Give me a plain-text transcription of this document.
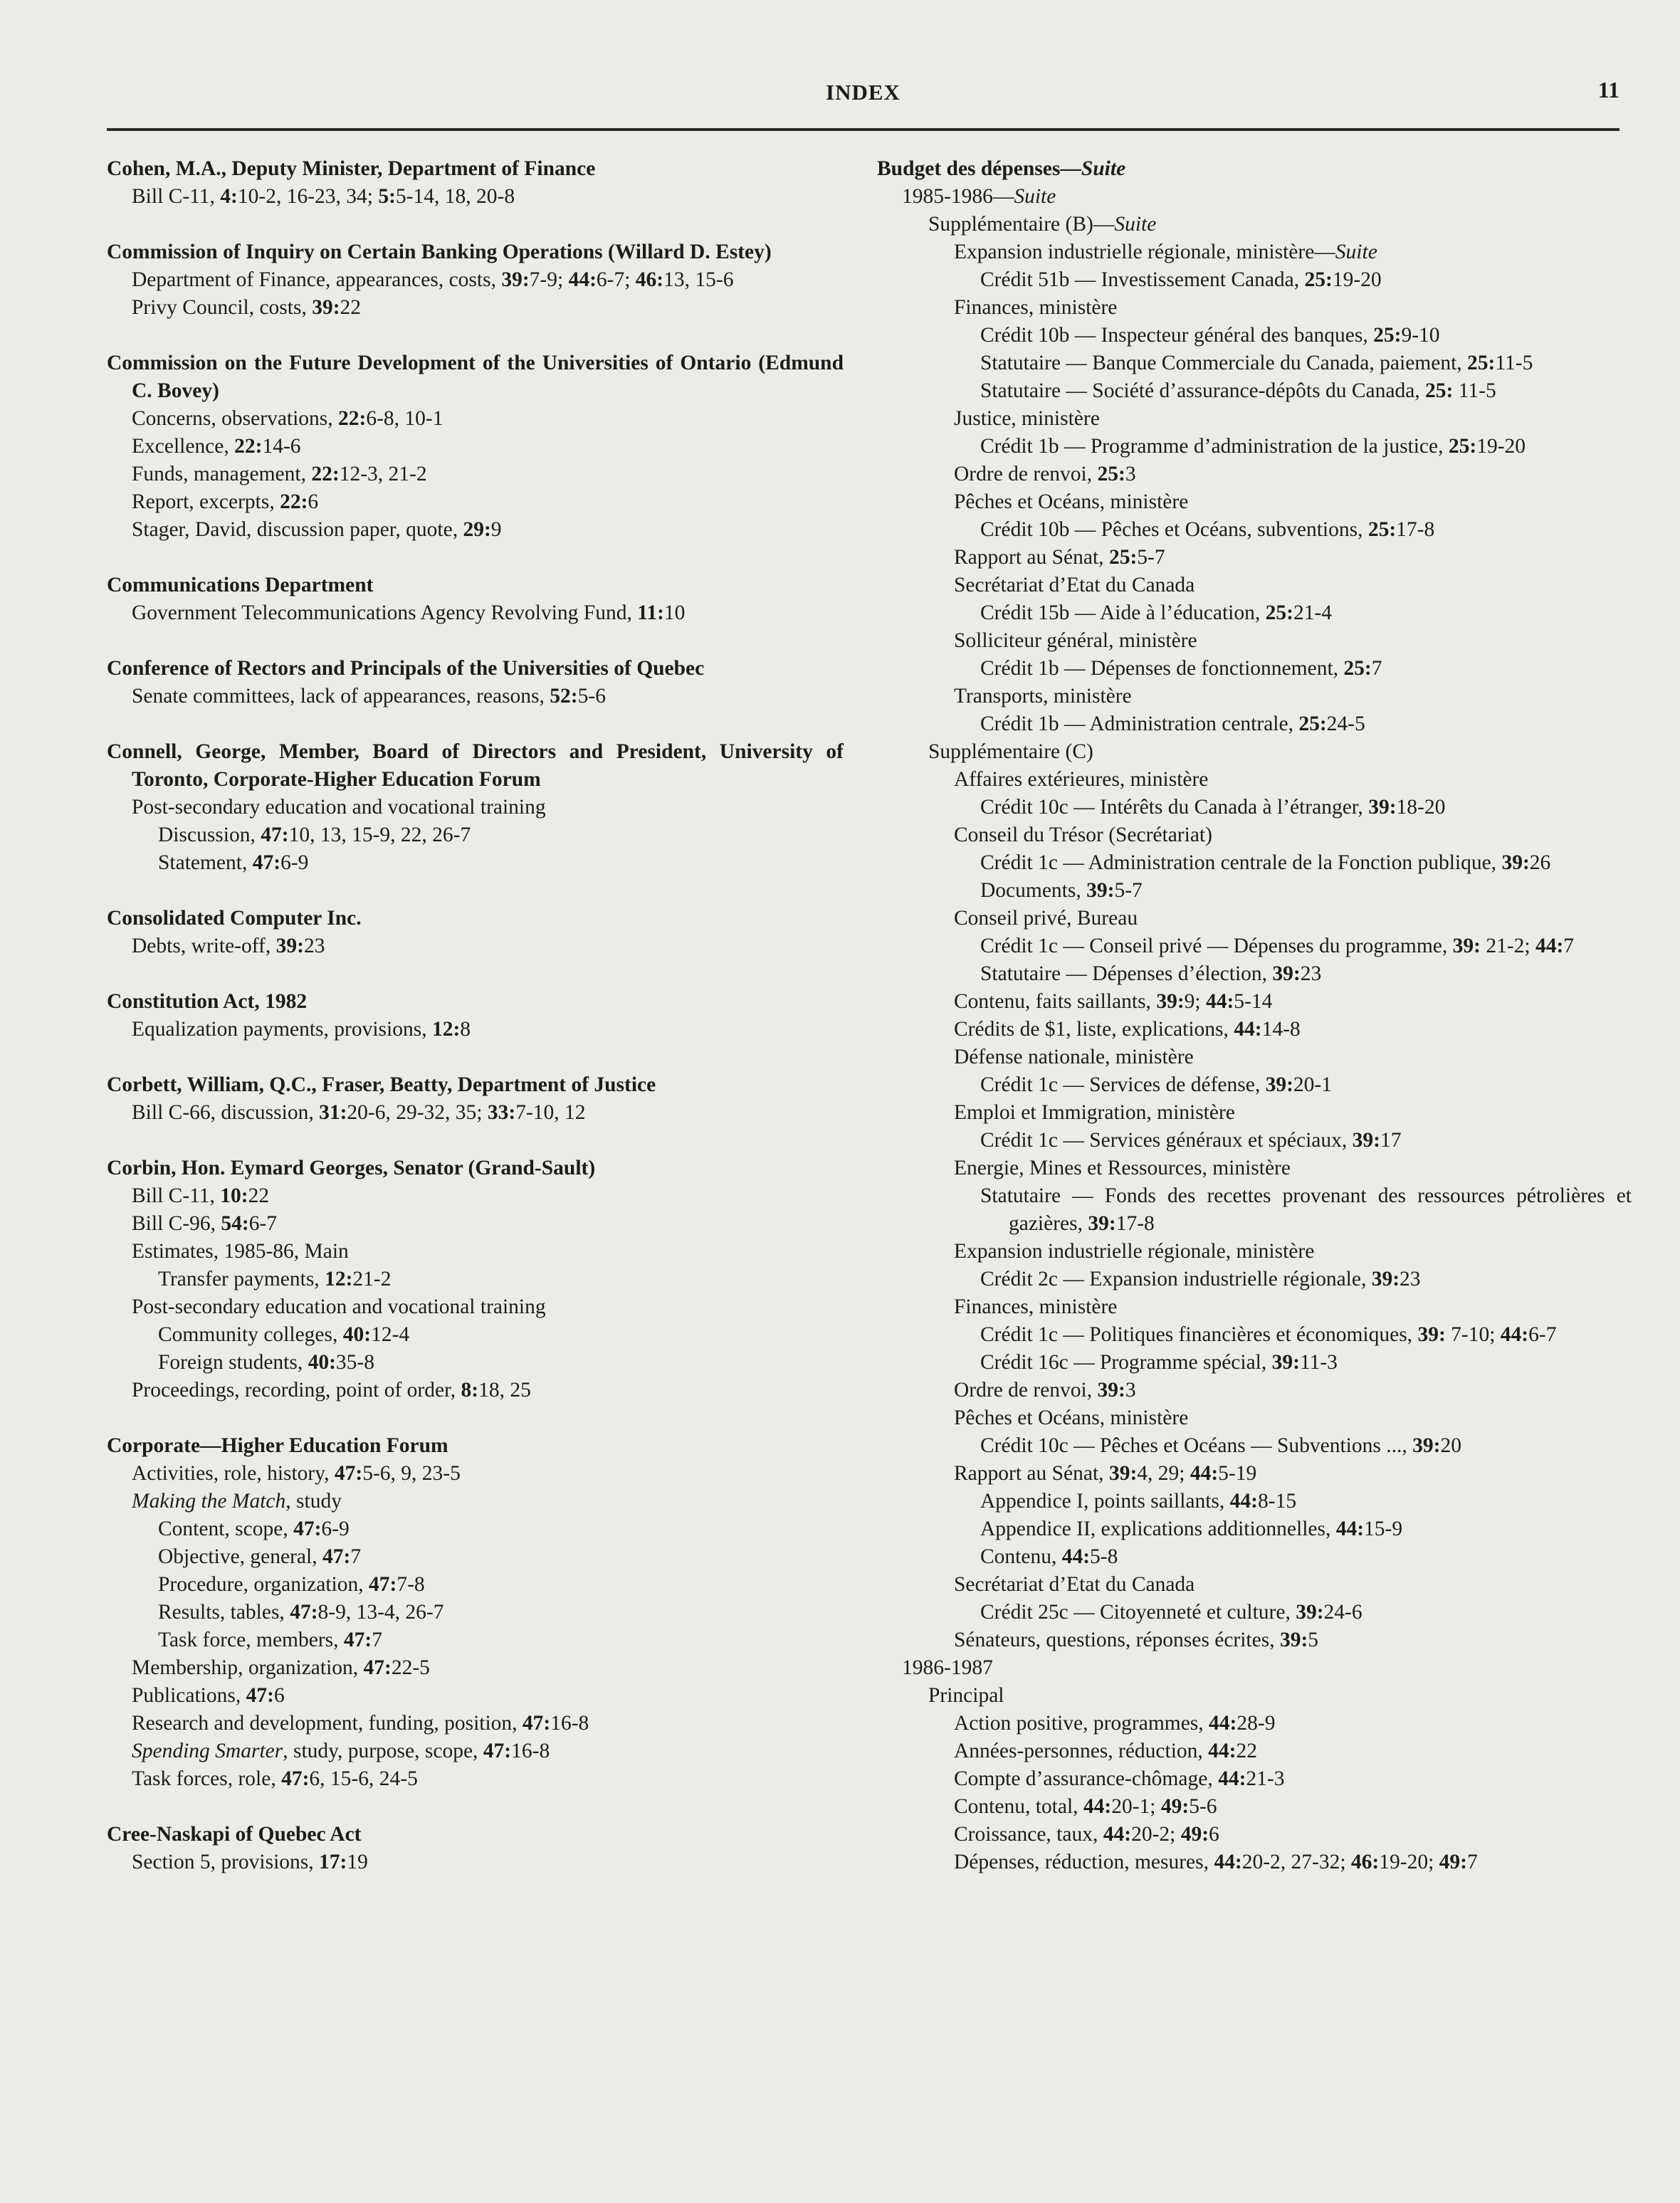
INDEX	11
Cohen, M.A., Deputy Minister, Department of Finance
Bill C-11, 4:10-2, 16-23, 34; 5:5-14, 18, 20-8
Commission of Inquiry on Certain Banking Operations (Willard D. Estey)
Department of Finance, appearances, costs, 39:7-9; 44:6-7; 46:13, 15-6
Privy Council, costs, 39:22
Commission on the Future Development of the Universities of Ontario (Edmund C. Bovey)
Concerns, observations, 22:6-8, 10-1
Excellence, 22:14-6
Funds, management, 22:12-3, 21-2
Report, excerpts, 22:6
Stager, David, discussion paper, quote, 29:9
Communications Department
Government Telecommunications Agency Revolving Fund, 11:10
Conference of Rectors and Principals of the Universities of Quebec
Senate committees, lack of appearances, reasons, 52:5-6
Connell, George, Member, Board of Directors and President, University of Toronto, Corporate-Higher Education Forum
Post-secondary education and vocational training
Discussion, 47:10, 13, 15-9, 22, 26-7
Statement, 47:6-9
Consolidated Computer Inc.
Debts, write-off, 39:23
Constitution Act, 1982
Equalization payments, provisions, 12:8
Corbett, William, Q.C., Fraser, Beatty, Department of Justice
Bill C-66, discussion, 31:20-6, 29-32, 35; 33:7-10, 12
Corbin, Hon. Eymard Georges, Senator (Grand-Sault)
Bill C-11, 10:22
Bill C-96, 54:6-7
Estimates, 1985-86, Main
Transfer payments, 12:21-2
Post-secondary education and vocational training
Community colleges, 40:12-4
Foreign students, 40:35-8
Proceedings, recording, point of order, 8:18, 25
Corporate—Higher Education Forum
Activities, role, history, 47:5-6, 9, 23-5
Making the Match, study
Content, scope, 47:6-9
Objective, general, 47:7
Procedure, organization, 47:7-8
Results, tables, 47:8-9, 13-4, 26-7
Task force, members, 47:7
Membership, organization, 47:22-5
Publications, 47:6
Research and development, funding, position, 47:16-8
Spending Smarter, study, purpose, scope, 47:16-8
Task forces, role, 47:6, 15-6, 24-5
Cree-Naskapi of Quebec Act
Section 5, provisions, 17:19
Budget des dépenses—Suite
1985-1986—Suite
Supplémentaire (B)—Suite
Expansion industrielle régionale, ministère—Suite
Crédit 51b — Investissement Canada, 25:19-20
Finances, ministère
Crédit 10b — Inspecteur général des banques, 25:9-10
Statutaire — Banque Commerciale du Canada, paiement, 25:11-5
Statutaire — Société d’assurance-dépôts du Canada, 25: 11-5
Justice, ministère
Crédit 1b — Programme d’administration de la justice, 25:19-20
Ordre de renvoi, 25:3
Pêches et Océans, ministère
Crédit 10b — Pêches et Océans, subventions, 25:17-8
Rapport au Sénat, 25:5-7
Secrétariat d’Etat du Canada
Crédit 15b — Aide à l’éducation, 25:21-4
Solliciteur général, ministère
Crédit 1b — Dépenses de fonctionnement, 25:7
Transports, ministère
Crédit 1b — Administration centrale, 25:24-5
Supplémentaire (C)
Affaires extérieures, ministère
Crédit 10c — Intérêts du Canada à l’étranger, 39:18-20
Conseil du Trésor (Secrétariat)
Crédit 1c — Administration centrale de la Fonction publique, 39:26
Documents, 39:5-7
Conseil privé, Bureau
Crédit 1c — Conseil privé — Dépenses du programme, 39: 21-2; 44:7
Statutaire — Dépenses d’élection, 39:23
Contenu, faits saillants, 39:9; 44:5-14
Crédits de $1, liste, explications, 44:14-8
Défense nationale, ministère
Crédit 1c — Services de défense, 39:20-1
Emploi et Immigration, ministère
Crédit 1c — Services généraux et spéciaux, 39:17
Energie, Mines et Ressources, ministère
Statutaire — Fonds des recettes provenant des ressources pétrolières et gazières, 39:17-8
Expansion industrielle régionale, ministère
Crédit 2c — Expansion industrielle régionale, 39:23
Finances, ministère
Crédit 1c — Politiques financières et économiques, 39: 7-10; 44:6-7
Crédit 16c — Programme spécial, 39:11-3
Ordre de renvoi, 39:3
Pêches et Océans, ministère
Crédit 10c — Pêches et Océans — Subventions ..., 39:20
Rapport au Sénat, 39:4, 29; 44:5-19
Appendice I, points saillants, 44:8-15
Appendice II, explications additionnelles, 44:15-9
Contenu, 44:5-8
Secrétariat d’Etat du Canada
Crédit 25c — Citoyenneté et culture, 39:24-6
Sénateurs, questions, réponses écrites, 39:5
1986-1987
Principal
Action positive, programmes, 44:28-9
Années-personnes, réduction, 44:22
Compte d’assurance-chômage, 44:21-3
Contenu, total, 44:20-1; 49:5-6
Croissance, taux, 44:20-2; 49:6
Dépenses, réduction, mesures, 44:20-2, 27-32; 46:19-20; 49:7
